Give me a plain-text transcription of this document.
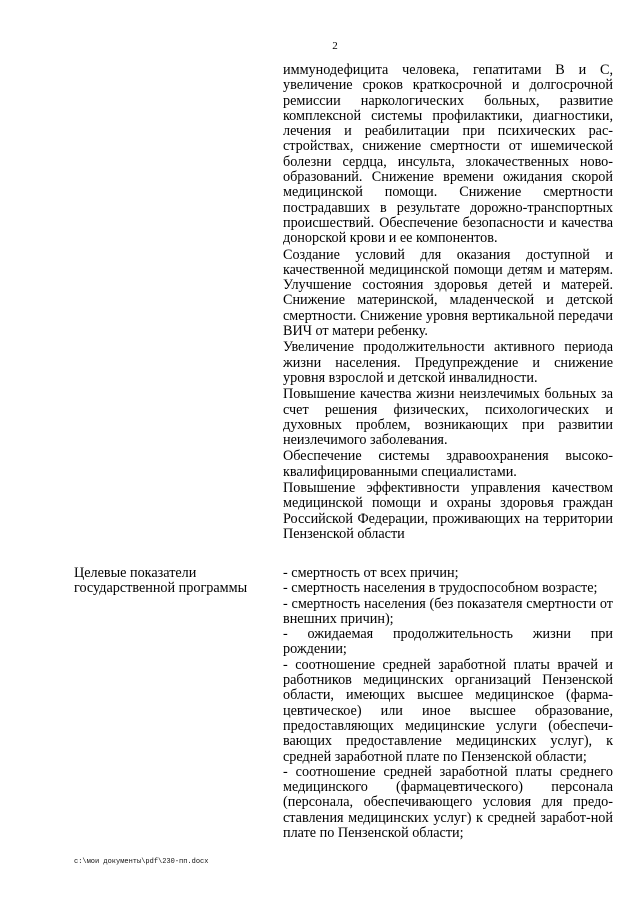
2

иммунодефицита человека, гепатитами В и С, увеличение сроков краткосрочной и долгосрочной ремиссии наркологических больных, развитие комплексной системы профилактики, диагностики, лечения и реабилитации при психических рас-стройствах, снижение смертности от ишемической болезни сердца, инсульта, злокачественных ново-образований. Снижение времени ожидания скорой медицинской помощи. Снижение смертности пострадавших в результате дорожно-транспортных происшествий. Обеспечение безопасности и качества донорской крови и ее компонентов.

Создание условий для оказания доступной и качественной медицинской помощи детям и матерям. Улучшение состояния здоровья детей и матерей. Снижение материнской, младенческой и детской смертности. Снижение уровня вертикальной передачи ВИЧ от матери ребенку.

Увеличение продолжительности активного периода жизни населения. Предупреждение и снижение уровня взрослой и детской инвалидности.

Повышение качества жизни неизлечимых больных за счет решения физических, психологических и духовных проблем, возникающих при развитии неизлечимого заболевания.

Обеспечение системы здравоохранения высоко-квалифицированными специалистами.

Повышение эффективности управления качеством медицинской помощи и охраны здоровья граждан Российской Федерации, проживающих на территории Пензенской области

Целевые показатели государственной программы

- смертность от всех причин;

- смертность населения в трудоспособном возрасте;

- смертность населения (без показателя смертности от внешних причин);

- ожидаемая продолжительность жизни при рождении;

- соотношение средней заработной платы врачей и работников медицинских организаций Пензенской области, имеющих высшее медицинское (фарма-цевтическое) или иное высшее образование, предоставляющих медицинские услуги (обеспечи-вающих предоставление медицинских услуг), к средней заработной плате по Пензенской области;

- соотношение средней заработной платы среднего медицинского (фармацевтического) персонала (персонала, обеспечивающего условия для предо-ставления медицинских услуг) к средней заработ-ной плате по Пензенской области;

c:\мои документы\pdf\230-пп.docx
